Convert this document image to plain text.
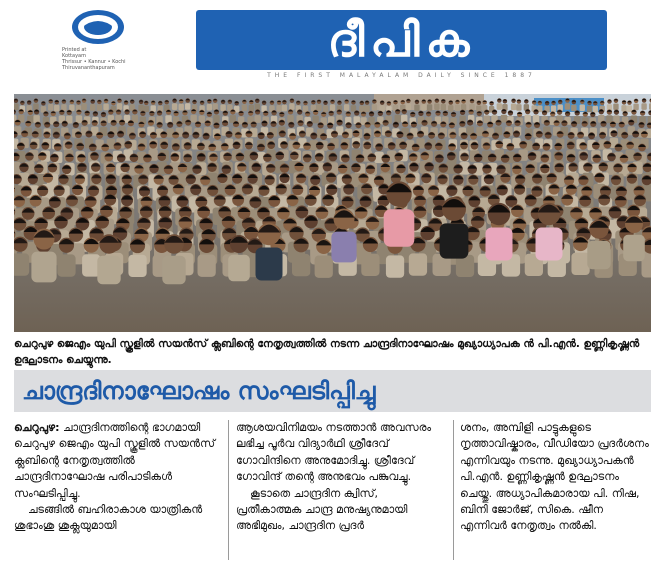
Printed at
Kottayam
Thrissur • Kannur • Kochi
Thiruvananthapuram
ദീപിക
THE FIRST MALAYALAM DAILY SINCE 1887
ചെറുപുഴ ജെഎം യുപി സ്കൂളിൽ സയൻസ് ക്ലബിന്റെ നേതൃത്വത്തിൽ നടന്ന ചാന്ദ്രദിനാഘോഷം മുഖ്യാധ്യാപക ൻ പി.എൻ. ഉണ്ണികൃഷ്ണൻ ഉദ്ഘാടനം ചെയ്യുന്നു.
ചാന്ദ്രദിനാഘോഷം സംഘടിപ്പിച്ചു

ചെറുപുഴ: ചാന്ദ്രദിനത്തിന്റെ ഭാഗമായി ചെറുപുഴ ജെഎം യുപി സ്കൂളിൽ സയൻസ് ക്ലബിന്റെ നേതൃത്വത്തിൽ ചാന്ദ്രദിനാഘോഷ പരിപാടികൾ സംഘടിപ്പിച്ചു.

ചടങ്ങിൽ ബഹിരാകാശ യാത്രികൻ ശുഭാംശു ശുക്ലയുമായി

ആശയവിനിമയം നടത്താൻ അവസരം ലഭിച്ച പൂർവ വിദ്യാർഥി ശ്രീദേവ് ഗോവിന്ദിനെ അനുമോദിച്ചു. ശ്രീദേവ് ഗോവിന്ദ് തന്റെ അനുഭവം പങ്കുവച്ചു.

കൂടാതെ ചാന്ദ്രദിന ക്വിസ്, പ്രതീകാത്മക ചാന്ദ്ര മനുഷ്യനുമായി അഭിമുഖം, ചാന്ദ്രദിന പ്രദർ

ശനം, അമ്പിളി പാട്ടുകളുടെ നൃത്താവിഷ്കാരം, വീഡിയോ പ്രദർശനം എന്നിവയും നടന്നു. മുഖ്യാധ്യാപകൻ പി.എൻ. ഉണ്ണികൃഷ്ണൻ ഉദ്ഘാടനം ചെയ്തു. അധ്യാപികമാരായ പി. നിഷ, ബിനി ജോർജ്, സികെ. ഷീന എന്നിവർ നേതൃത്വം നൽകി.
